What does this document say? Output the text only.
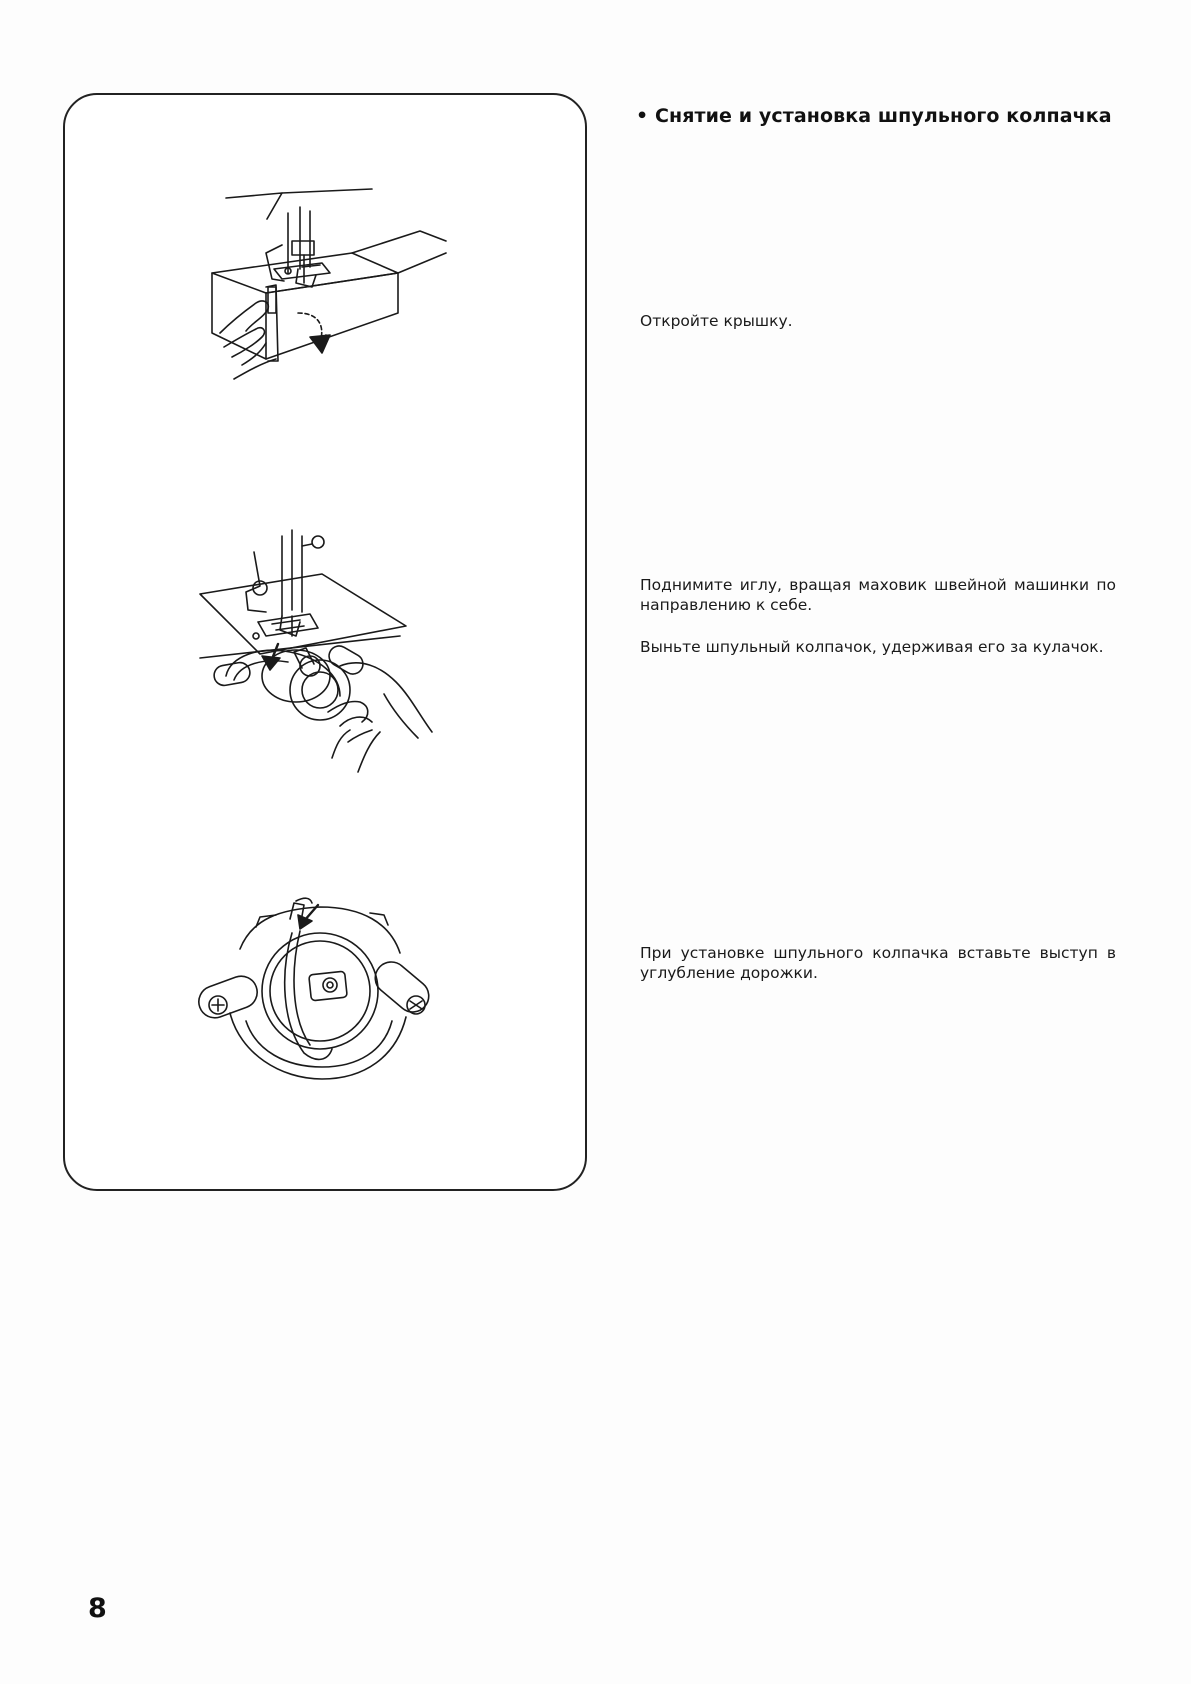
• Снятие и установка шпульного колпачка
Откройте крышку.
Поднимите иглу, вращая маховик швейной машинки по направлению к себе.
Выньте шпульный колпачок, удерживая его за кулачок.
При установке шпульного колпачка вставьте выступ в углубление дорожки.
8
